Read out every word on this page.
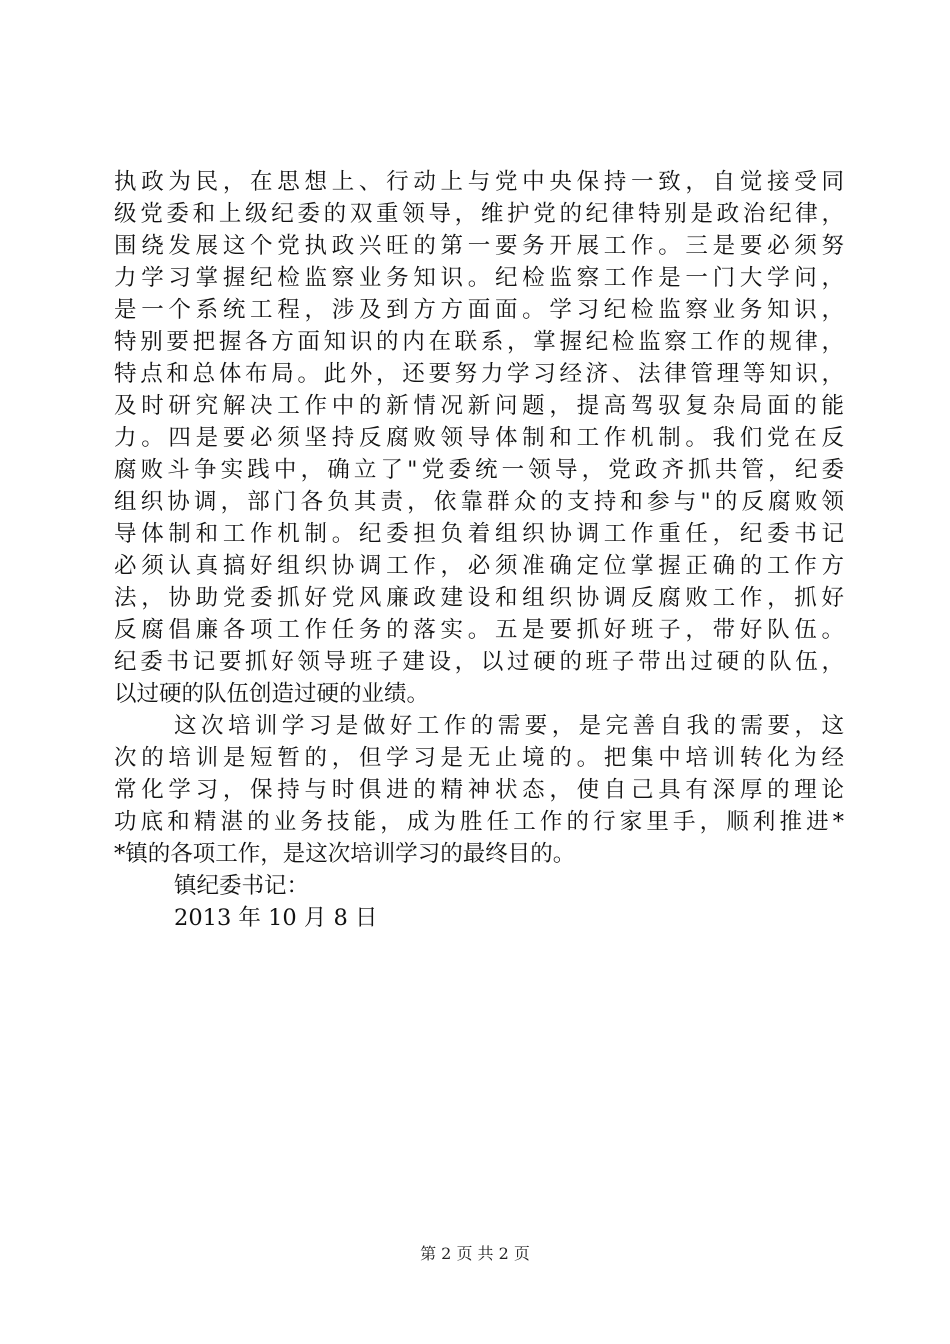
执政为民，在思想上、行动上与党中央保持一致，自觉接受同
级党委和上级纪委的双重领导，维护党的纪律特别是政治纪律，
围绕发展这个党执政兴旺的第一要务开展工作。三是要必须努
力学习掌握纪检监察业务知识。纪检监察工作是一门大学问，
是一个系统工程，涉及到方方面面。学习纪检监察业务知识，
特别要把握各方面知识的内在联系，掌握纪检监察工作的规律，
特点和总体布局。此外，还要努力学习经济、法律管理等知识，
及时研究解决工作中的新情况新问题，提高驾驭复杂局面的能
力。四是要必须坚持反腐败领导体制和工作机制。我们党在反
腐败斗争实践中，确立了"党委统一领导，党政齐抓共管，纪委
组织协调，部门各负其责，依靠群众的支持和参与"的反腐败领
导体制和工作机制。纪委担负着组织协调工作重任，纪委书记
必须认真搞好组织协调工作，必须准确定位掌握正确的工作方
法，协助党委抓好党风廉政建设和组织协调反腐败工作，抓好
反腐倡廉各项工作任务的落实。五是要抓好班子，带好队伍。
纪委书记要抓好领导班子建设，以过硬的班子带出过硬的队伍，
以过硬的队伍创造过硬的业绩。
这次培训学习是做好工作的需要，是完善自我的需要，这
次的培训是短暂的，但学习是无止境的。把集中培训转化为经
常化学习，保持与时俱进的精神状态，使自己具有深厚的理论
功底和精湛的业务技能，成为胜任工作的行家里手，顺利推进*
*镇的各项工作，是这次培训学习的最终目的。
镇纪委书记：
2013 年 10 月 8 日
第 2 页 共 2 页
